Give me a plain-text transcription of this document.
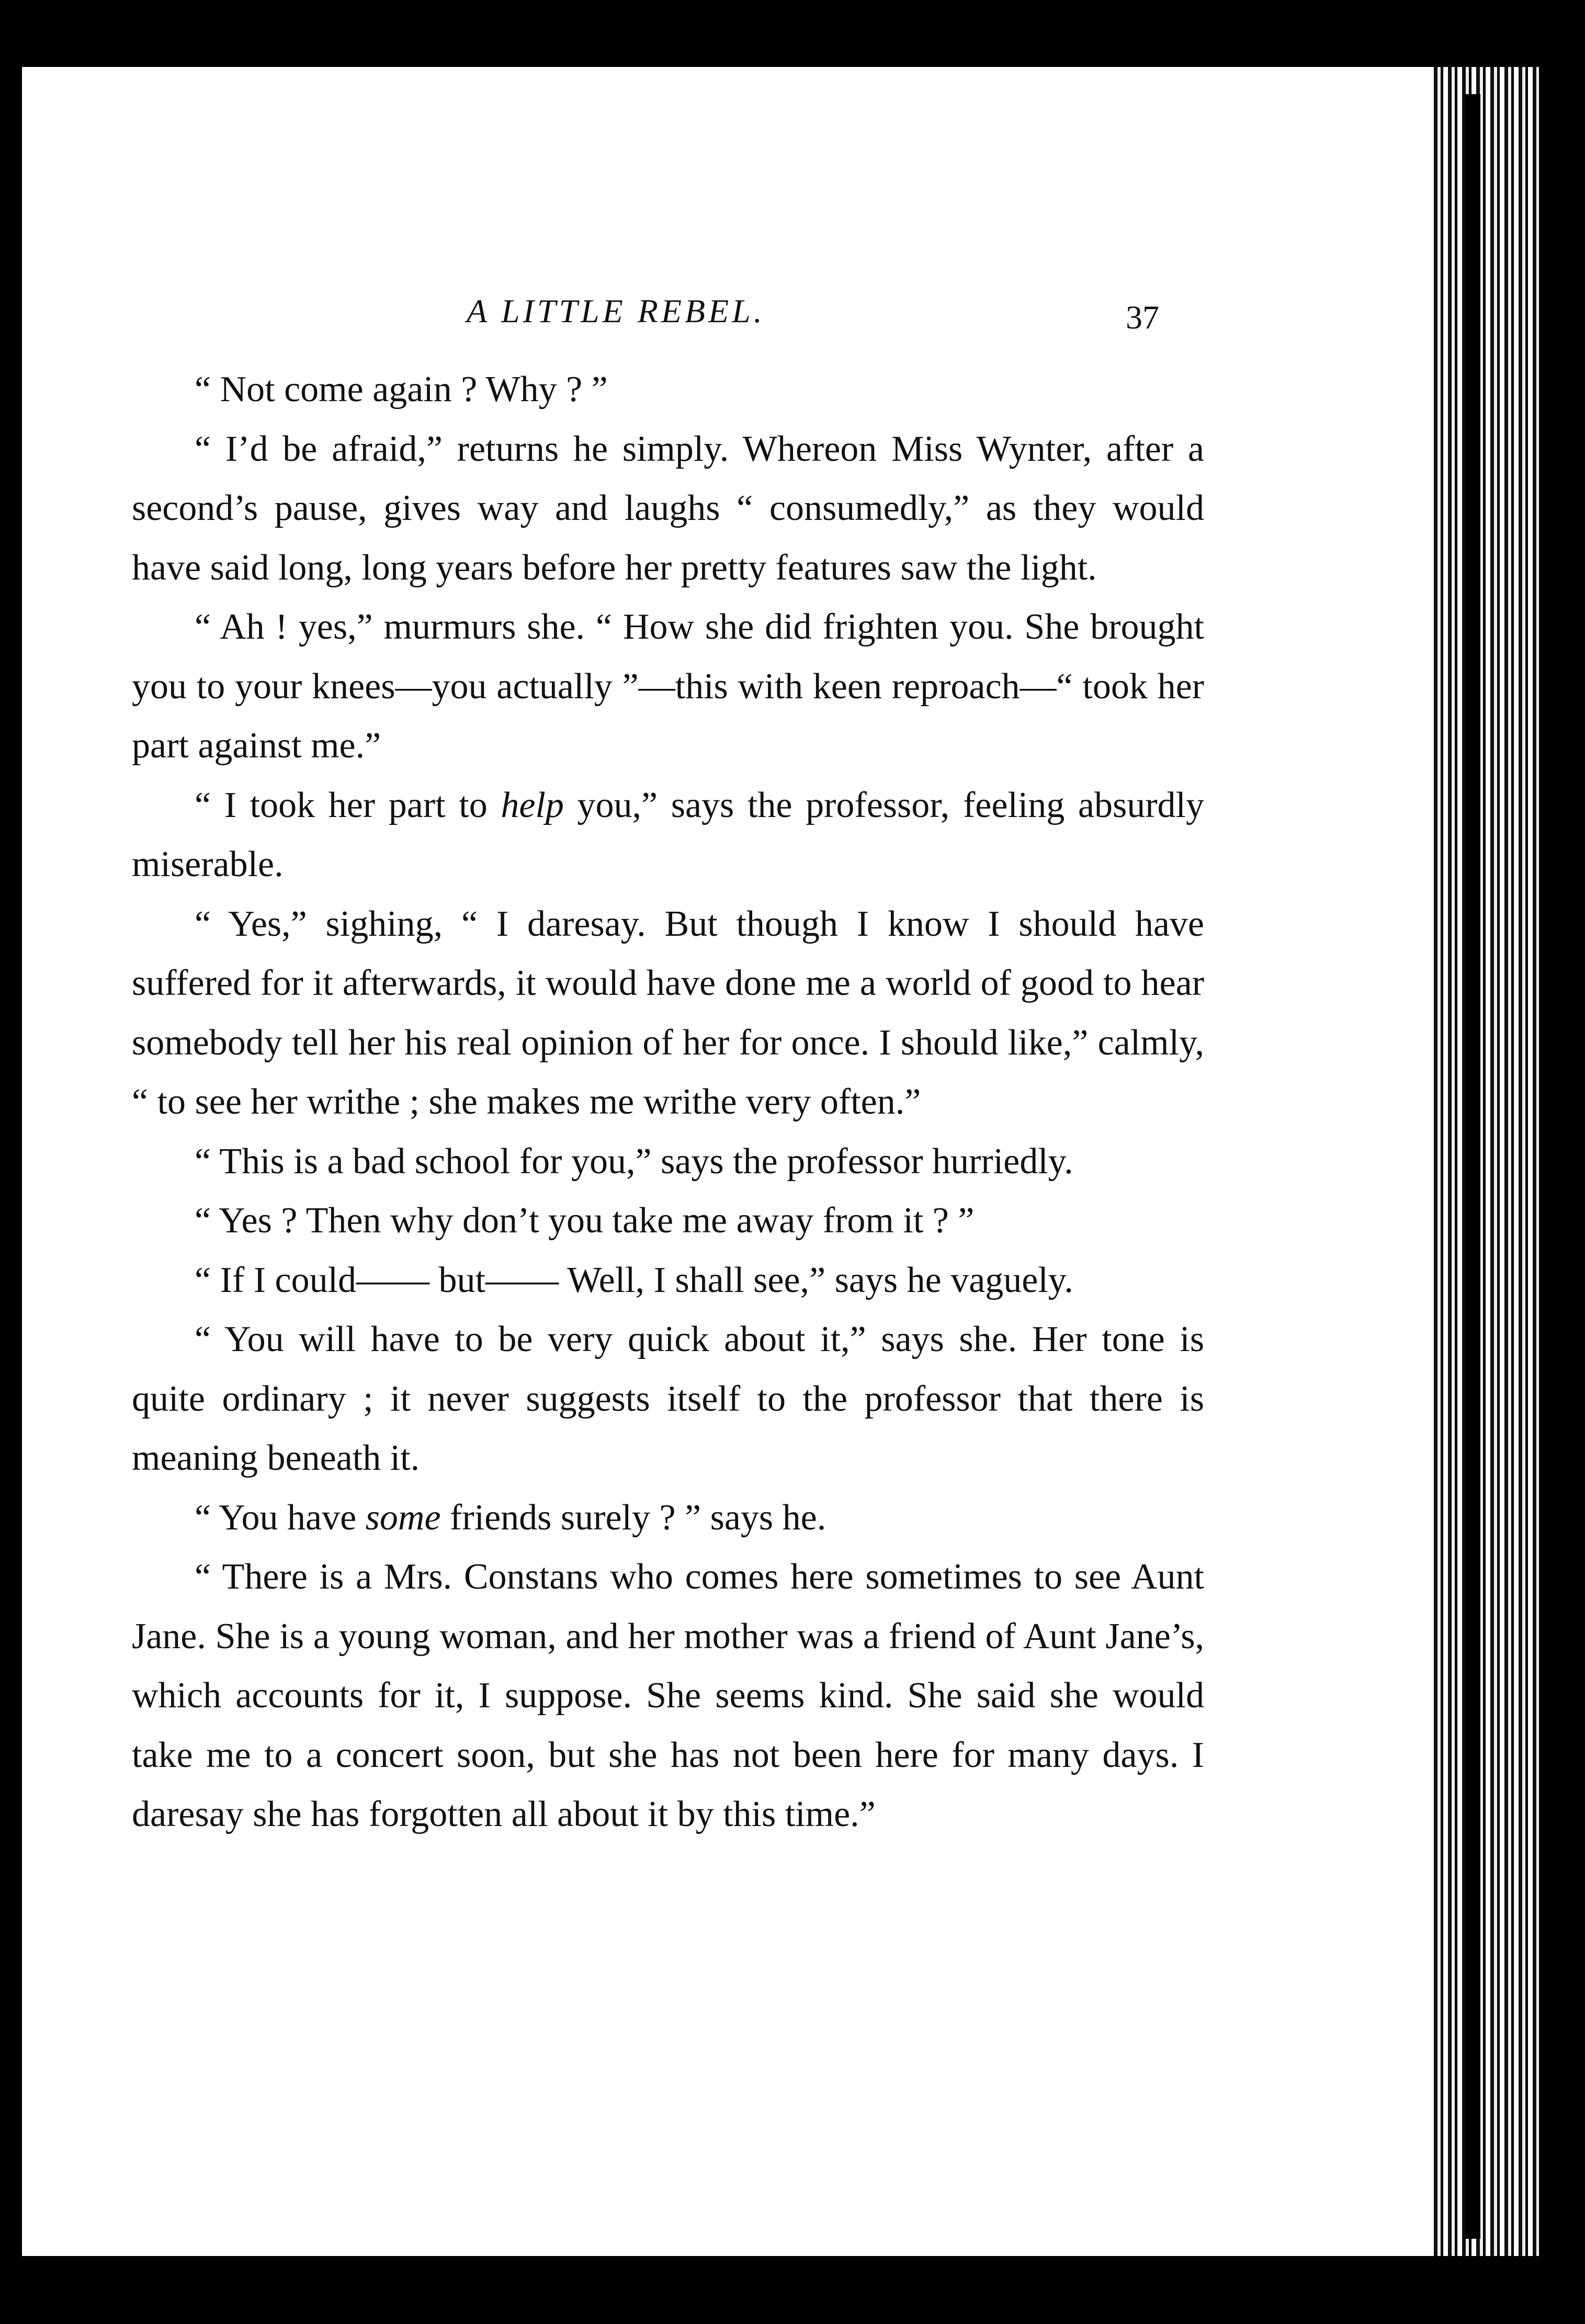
A LITTLE REBEL.	37

“ Not come again ? Why ? ”

“ I’d be afraid,” returns he simply. Whereon Miss Wynter, after a second’s pause, gives way and laughs “ consumedly,” as they would have said long, long years before her pretty features saw the light.

“ Ah ! yes,” murmurs she. “ How she did frighten you. She brought you to your knees—you actually ”—this with keen reproach—“ took her part against me.”

“ I took her part to help you,” says the professor, feeling absurdly miserable.

“ Yes,” sighing, “ I daresay. But though I know I should have suffered for it afterwards, it would have done me a world of good to hear somebody tell her his real opinion of her for once. I should like,” calmly, “ to see her writhe ; she makes me writhe very often.”

“ This is a bad school for you,” says the professor hurriedly.

“ Yes ? Then why don’t you take me away from it ? ”

“ If I could—— but—— Well, I shall see,” says he vaguely.

“ You will have to be very quick about it,” says she. Her tone is quite ordinary ; it never suggests itself to the professor that there is meaning beneath it.

“ You have some friends surely ? ” says he.

“ There is a Mrs. Constans who comes here sometimes to see Aunt Jane. She is a young woman, and her mother was a friend of Aunt Jane’s, which accounts for it, I suppose. She seems kind. She said she would take me to a concert soon, but she has not been here for many days. I daresay she has forgotten all about it by this time.”
